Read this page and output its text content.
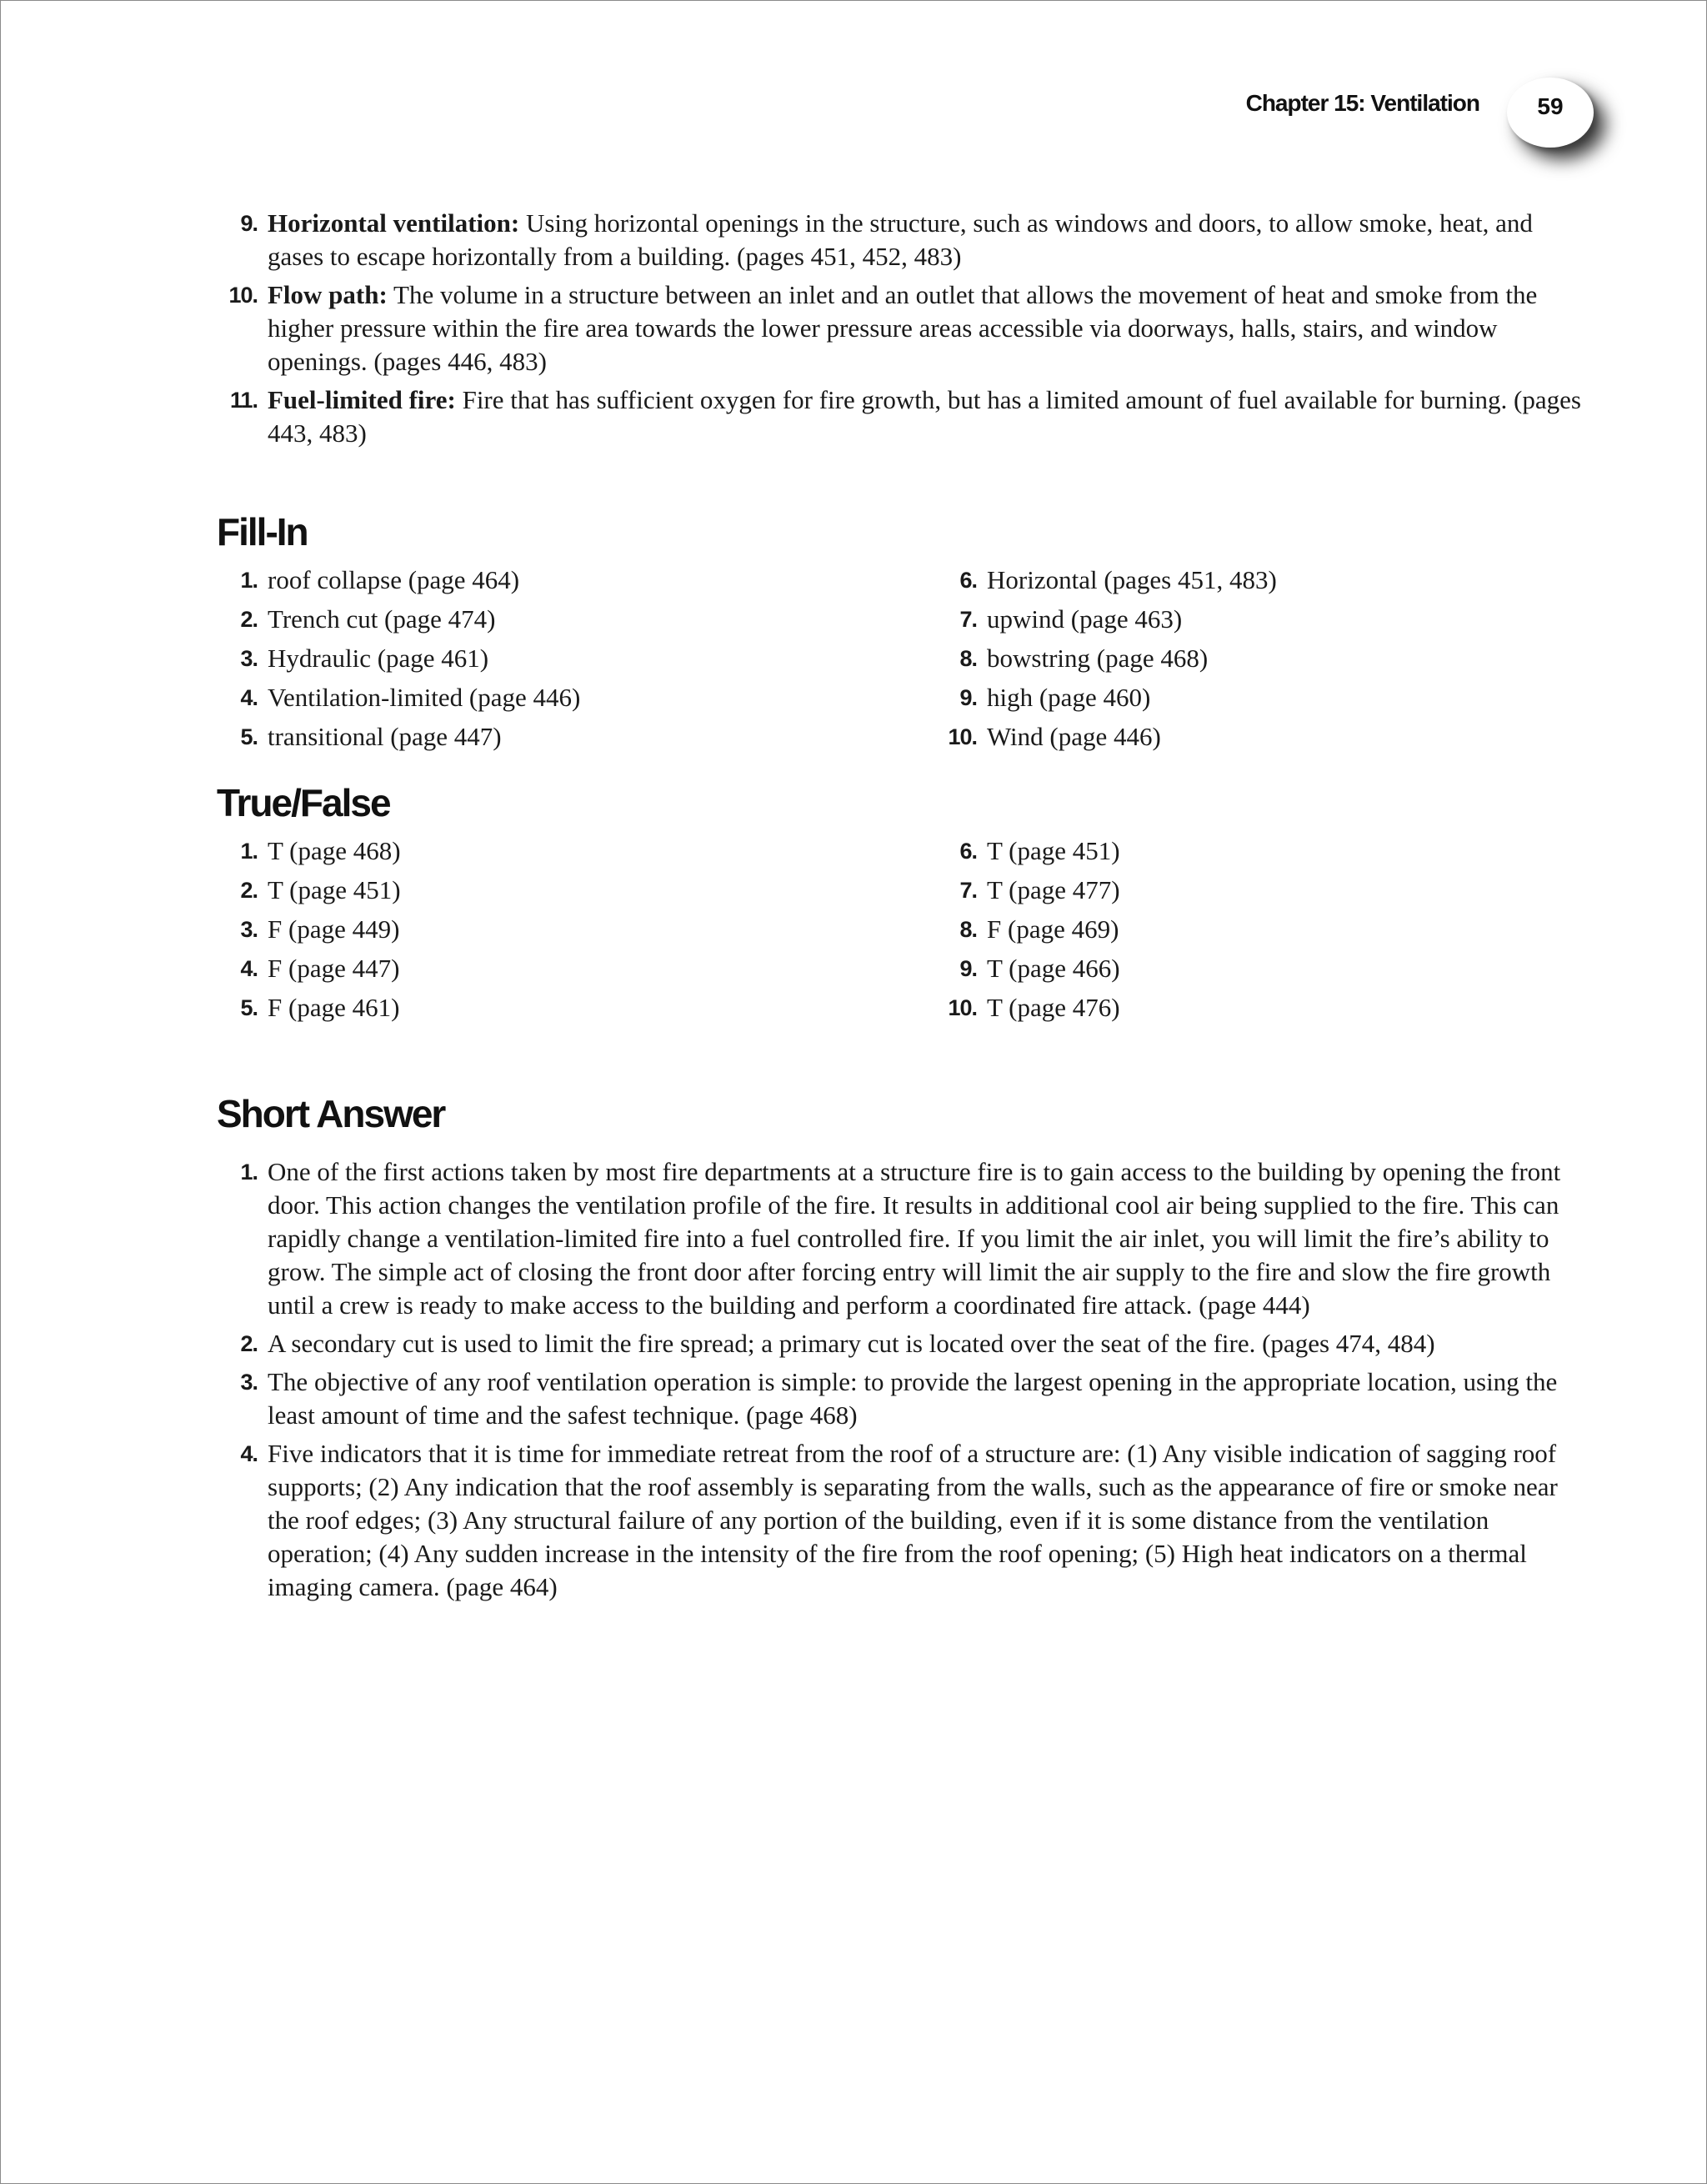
Chapter 15: Ventilation	59
9. Horizontal ventilation: Using horizontal openings in the structure, such as windows and doors, to allow smoke, heat, and gases to escape horizontally from a building. (pages 451, 452, 483)
10. Flow path: The volume in a structure between an inlet and an outlet that allows the movement of heat and smoke from the higher pressure within the fire area towards the lower pressure areas accessible via doorways, halls, stairs, and window openings. (pages 446, 483)
11. Fuel-limited fire: Fire that has sufficient oxygen for fire growth, but has a limited amount of fuel available for burning. (pages 443, 483)
Fill-In
1. roof collapse (page 464)
2. Trench cut (page 474)
3. Hydraulic (page 461)
4. Ventilation-limited (page 446)
5. transitional (page 447)
6. Horizontal (pages 451, 483)
7. upwind (page 463)
8. bowstring (page 468)
9. high (page 460)
10. Wind (page 446)
True/False
1. T (page 468)
2. T (page 451)
3. F (page 449)
4. F (page 447)
5. F (page 461)
6. T (page 451)
7. T (page 477)
8. F (page 469)
9. T (page 466)
10. T (page 476)
Short Answer
1. One of the first actions taken by most fire departments at a structure fire is to gain access to the building by opening the front door. This action changes the ventilation profile of the fire. It results in additional cool air being supplied to the fire. This can rapidly change a ventilation-limited fire into a fuel controlled fire. If you limit the air inlet, you will limit the fire’s ability to grow. The simple act of closing the front door after forcing entry will limit the air supply to the fire and slow the fire growth until a crew is ready to make access to the building and perform a coordinated fire attack. (page 444)
2. A secondary cut is used to limit the fire spread; a primary cut is located over the seat of the fire. (pages 474, 484)
3. The objective of any roof ventilation operation is simple: to provide the largest opening in the appropriate location, using the least amount of time and the safest technique. (page 468)
4. Five indicators that it is time for immediate retreat from the roof of a structure are: (1) Any visible indication of sagging roof supports; (2) Any indication that the roof assembly is separating from the walls, such as the appearance of fire or smoke near the roof edges; (3) Any structural failure of any portion of the building, even if it is some distance from the ventilation operation; (4) Any sudden increase in the intensity of the fire from the roof opening; (5) High heat indicators on a thermal imaging camera. (page 464)
